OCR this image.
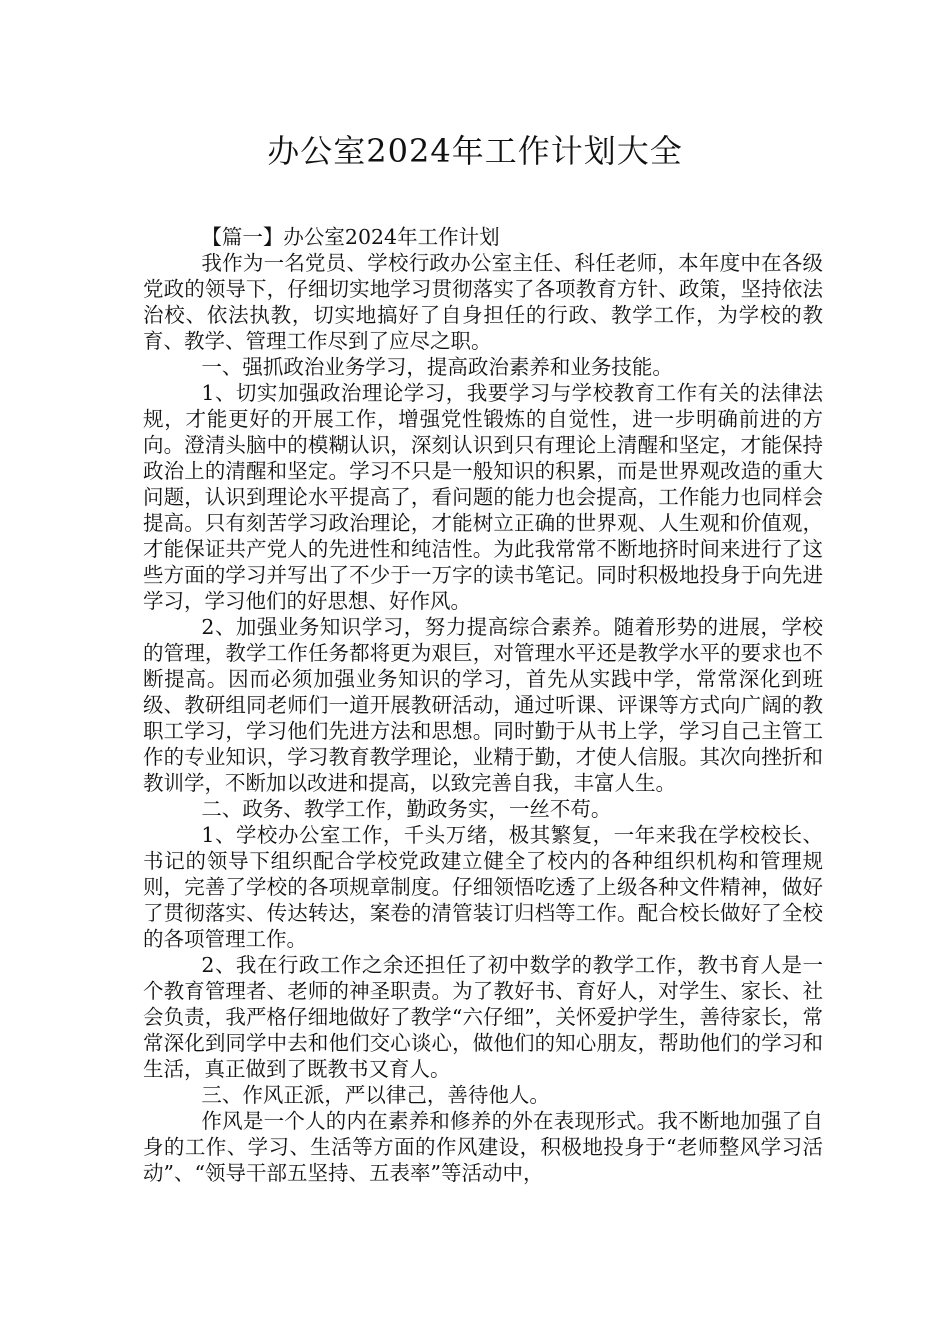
办公室2024年工作计划大全

【篇一】办公室2024年工作计划

我作为一名党员、学校行政办公室主任、科任老师，本年度中在各级党政的领导下，仔细切实地学习贯彻落实了各项教育方针、政策，坚持依法治校、依法执教，切实地搞好了自身担任的行政、教学工作，为学校的教育、教学、管理工作尽到了应尽之职。

一、强抓政治业务学习，提高政治素养和业务技能。

1、切实加强政治理论学习，我要学习与学校教育工作有关的法律法规，才能更好的开展工作，增强党性锻炼的自觉性，进一步明确前进的方向。澄清头脑中的模糊认识，深刻认识到只有理论上清醒和坚定，才能保持政治上的清醒和坚定。学习不只是一般知识的积累，而是世界观改造的重大问题，认识到理论水平提高了，看问题的能力也会提高，工作能力也同样会提高。只有刻苦学习政治理论，才能树立正确的世界观、人生观和价值观，才能保证共产党人的先进性和纯洁性。为此我常常不断地挤时间来进行了这些方面的学习并写出了不少于一万字的读书笔记。同时积极地投身于向先进学习，学习他们的好思想、好作风。

2、加强业务知识学习，努力提高综合素养。随着形势的进展，学校的管理，教学工作任务都将更为艰巨，对管理水平还是教学水平的要求也不断提高。因而必须加强业务知识的学习，首先从实践中学，常常深化到班级、教研组同老师们一道开展教研活动，通过听课、评课等方式向广阔的教职工学习，学习他们先进方法和思想。同时勤于从书上学，学习自己主管工作的专业知识，学习教育教学理论，业精于勤，才使人信服。其次向挫折和教训学，不断加以改进和提高，以致完善自我，丰富人生。

二、政务、教学工作，勤政务实，一丝不苟。

1、学校办公室工作，千头万绪，极其繁复，一年来我在学校校长、书记的领导下组织配合学校党政建立健全了校内的各种组织机构和管理规则，完善了学校的各项规章制度。仔细领悟吃透了上级各种文件精神，做好了贯彻落实、传达转达，案卷的清管装订归档等工作。配合校长做好了全校的各项管理工作。

2、我在行政工作之余还担任了初中数学的教学工作，教书育人是一个教育管理者、老师的神圣职责。为了教好书、育好人，对学生、家长、社会负责，我严格仔细地做好了教学“六仔细”，关怀爱护学生，善待家长，常常深化到同学中去和他们交心谈心，做他们的知心朋友，帮助他们的学习和生活，真正做到了既教书又育人。

三、作风正派，严以律己，善待他人。

作风是一个人的内在素养和修养的外在表现形式。我不断地加强了自身的工作、学习、生活等方面的作风建设，积极地投身于“老师整风学习活动”、“领导干部五坚持、五表率”等活动中，
